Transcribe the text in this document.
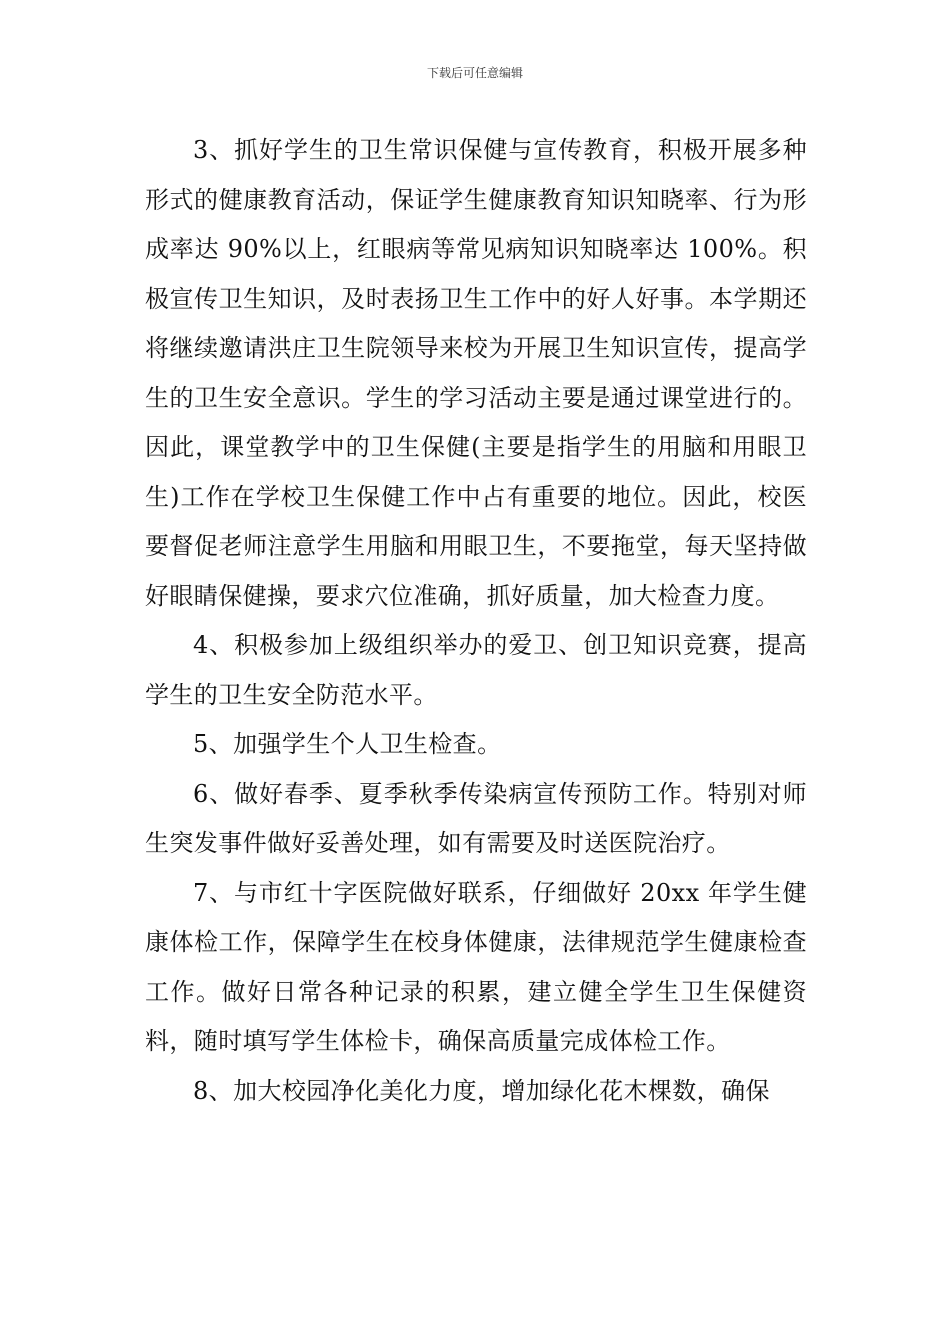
下载后可任意编辑

3、抓好学生的卫生常识保健与宣传教育，积极开展多种形式的健康教育活动，保证学生健康教育知识知晓率、行为形成率达 90%以上，红眼病等常见病知识知晓率达 100%。积极宣传卫生知识，及时表扬卫生工作中的好人好事。本学期还将继续邀请洪庄卫生院领导来校为开展卫生知识宣传，提高学生的卫生安全意识。学生的学习活动主要是通过课堂进行的。因此，课堂教学中的卫生保健(主要是指学生的用脑和用眼卫生)工作在学校卫生保健工作中占有重要的地位。因此，校医要督促老师注意学生用脑和用眼卫生，不要拖堂，每天坚持做好眼睛保健操，要求穴位准确，抓好质量，加大检查力度。

4、积极参加上级组织举办的爱卫、创卫知识竞赛，提高学生的卫生安全防范水平。

5、加强学生个人卫生检查。

6、做好春季、夏季秋季传染病宣传预防工作。特别对师生突发事件做好妥善处理，如有需要及时送医院治疗。

7、与市红十字医院做好联系，仔细做好 20xx 年学生健康体检工作，保障学生在校身体健康，法律规范学生健康检查工作。做好日常各种记录的积累，建立健全学生卫生保健资料，随时填写学生体检卡，确保高质量完成体检工作。

8、加大校园净化美化力度，增加绿化花木棵数，确保
